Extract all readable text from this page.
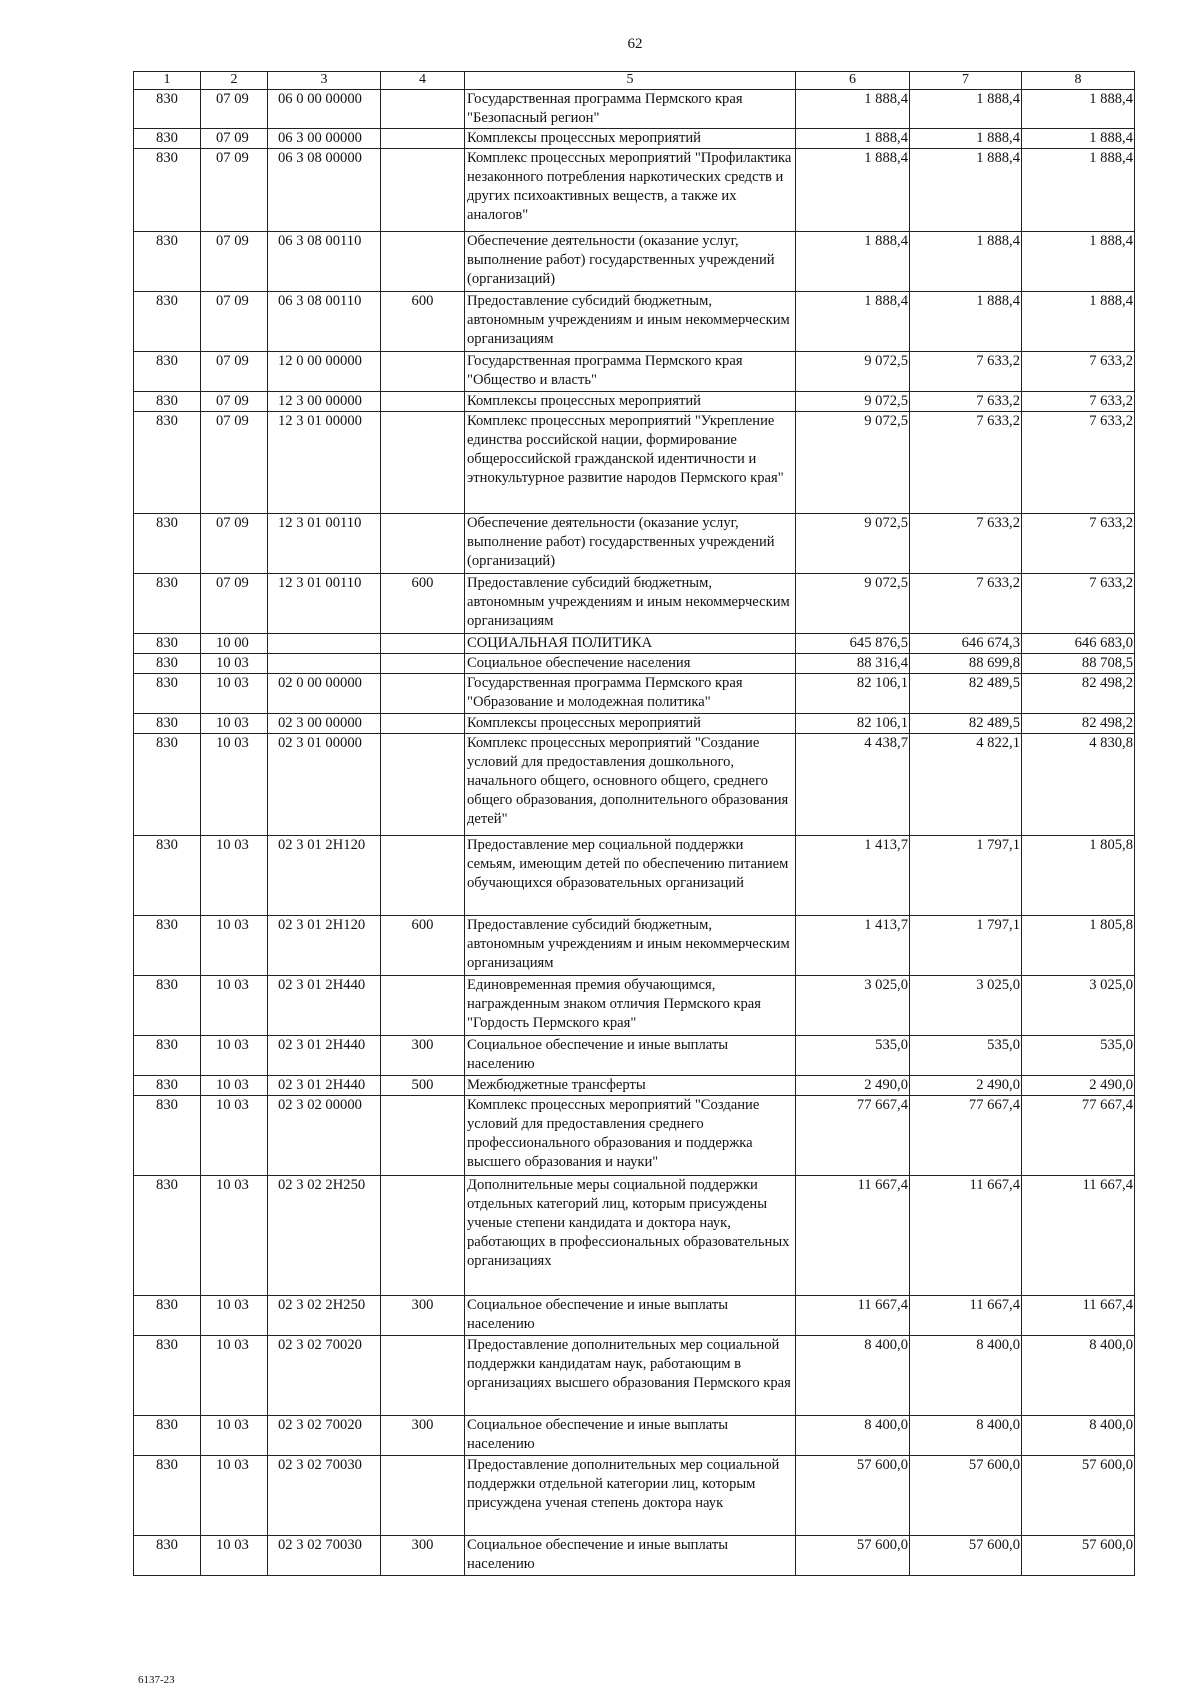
62
1	2	3	4	5	6	7	8
830	07 09	06 0 00 00000		Государственная программа Пермского края "Безопасный регион"	1 888,4	1 888,4	1 888,4
830	07 09	06 3 00 00000		Комплексы процессных мероприятий	1 888,4	1 888,4	1 888,4
830	07 09	06 3 08 00000		Комплекс процессных мероприятий "Профилактика незаконного потребления наркотических средств и других психоактивных веществ, а также их аналогов"	1 888,4	1 888,4	1 888,4
830	07 09	06 3 08 00110		Обеспечение деятельности (оказание услуг, выполнение работ) государственных учреждений (организаций)	1 888,4	1 888,4	1 888,4
830	07 09	06 3 08 00110	600	Предоставление субсидий бюджетным, автономным учреждениям и иным некоммерческим организациям	1 888,4	1 888,4	1 888,4
830	07 09	12 0 00 00000		Государственная программа Пермского края "Общество и власть"	9 072,5	7 633,2	7 633,2
830	07 09	12 3 00 00000		Комплексы процессных мероприятий	9 072,5	7 633,2	7 633,2
830	07 09	12 3 01 00000		Комплекс процессных мероприятий "Укрепление единства российской нации, формирование общероссийской гражданской идентичности и этнокультурное развитие народов Пермского края"	9 072,5	7 633,2	7 633,2
830	07 09	12 3 01 00110		Обеспечение деятельности (оказание услуг, выполнение работ) государственных учреждений (организаций)	9 072,5	7 633,2	7 633,2
830	07 09	12 3 01 00110	600	Предоставление субсидий бюджетным, автономным учреждениям и иным некоммерческим организациям	9 072,5	7 633,2	7 633,2
830	10 00			СОЦИАЛЬНАЯ ПОЛИТИКА	645 876,5	646 674,3	646 683,0
830	10 03			Социальное обеспечение населения	88 316,4	88 699,8	88 708,5
830	10 03	02 0 00 00000		Государственная программа Пермского края "Образование и молодежная политика"	82 106,1	82 489,5	82 498,2
830	10 03	02 3 00 00000		Комплексы процессных мероприятий	82 106,1	82 489,5	82 498,2
830	10 03	02 3 01 00000		Комплекс процессных мероприятий "Создание условий для предоставления дошкольного, начального общего, основного общего, среднего общего образования, дополнительного образования детей"	4 438,7	4 822,1	4 830,8
830	10 03	02 3 01 2Н120		Предоставление мер социальной поддержки семьям, имеющим детей по обеспечению питанием обучающихся образовательных организаций	1 413,7	1 797,1	1 805,8
830	10 03	02 3 01 2Н120	600	Предоставление субсидий бюджетным, автономным учреждениям и иным некоммерческим организациям	1 413,7	1 797,1	1 805,8
830	10 03	02 3 01 2Н440		Единовременная премия обучающимся, награжденным знаком отличия Пермского края "Гордость Пермского края"	3 025,0	3 025,0	3 025,0
830	10 03	02 3 01 2Н440	300	Социальное обеспечение и иные выплаты населению	535,0	535,0	535,0
830	10 03	02 3 01 2Н440	500	Межбюджетные трансферты	2 490,0	2 490,0	2 490,0
830	10 03	02 3 02 00000		Комплекс процессных мероприятий "Создание условий для предоставления среднего профессионального образования и поддержка высшего образования и науки"	77 667,4	77 667,4	77 667,4
830	10 03	02 3 02 2Н250		Дополнительные меры социальной поддержки отдельных категорий лиц, которым присуждены ученые степени кандидата и доктора наук, работающих в профессиональных образовательных организациях	11 667,4	11 667,4	11 667,4
830	10 03	02 3 02 2Н250	300	Социальное обеспечение и иные выплаты населению	11 667,4	11 667,4	11 667,4
830	10 03	02 3 02 70020		Предоставление дополнительных мер социальной поддержки кандидатам наук, работающим в организациях высшего образования Пермского края	8 400,0	8 400,0	8 400,0
830	10 03	02 3 02 70020	300	Социальное обеспечение и иные выплаты населению	8 400,0	8 400,0	8 400,0
830	10 03	02 3 02 70030		Предоставление дополнительных мер социальной поддержки отдельной категории лиц, которым присуждена ученая степень доктора наук	57 600,0	57 600,0	57 600,0
830	10 03	02 3 02 70030	300	Социальное обеспечение и иные выплаты населению	57 600,0	57 600,0	57 600,0
6137-23
